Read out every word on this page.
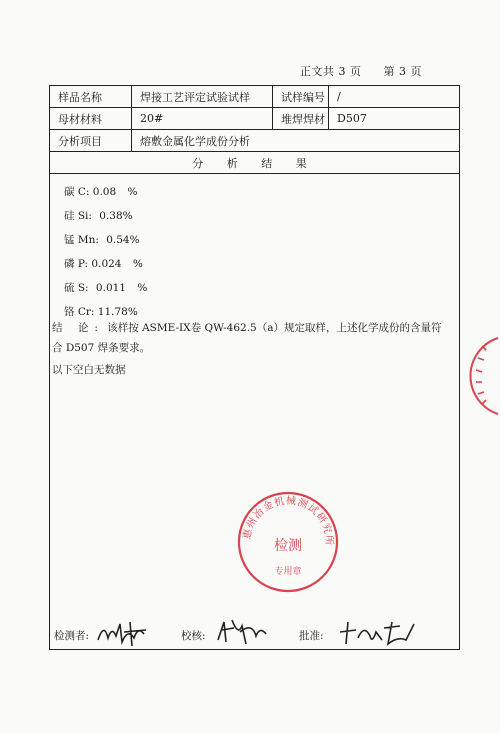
正文共 3 页 第 3 页
样品名称	焊接工艺评定试验试样	试样编号	/
母材材料	20#	堆焊焊材	D507
分析项目	熔敷金属化学成份分析
分 析 结 果
碳 C: 0.08 %
硅 Si: 0.38%
锰 Mn: 0.54%
磷 P: 0.024 %
硫 S: 0.011 %
铬 Cr: 11.78%
结 论: 该样按 ASME-IX卷 QW-462.5（a）规定取样，上述化学成份的含量符合 D507 焊条要求。
以下空白无数据
检测者:	校核:	批准:
惠州冶金机械测试研究所
检测
专用章
